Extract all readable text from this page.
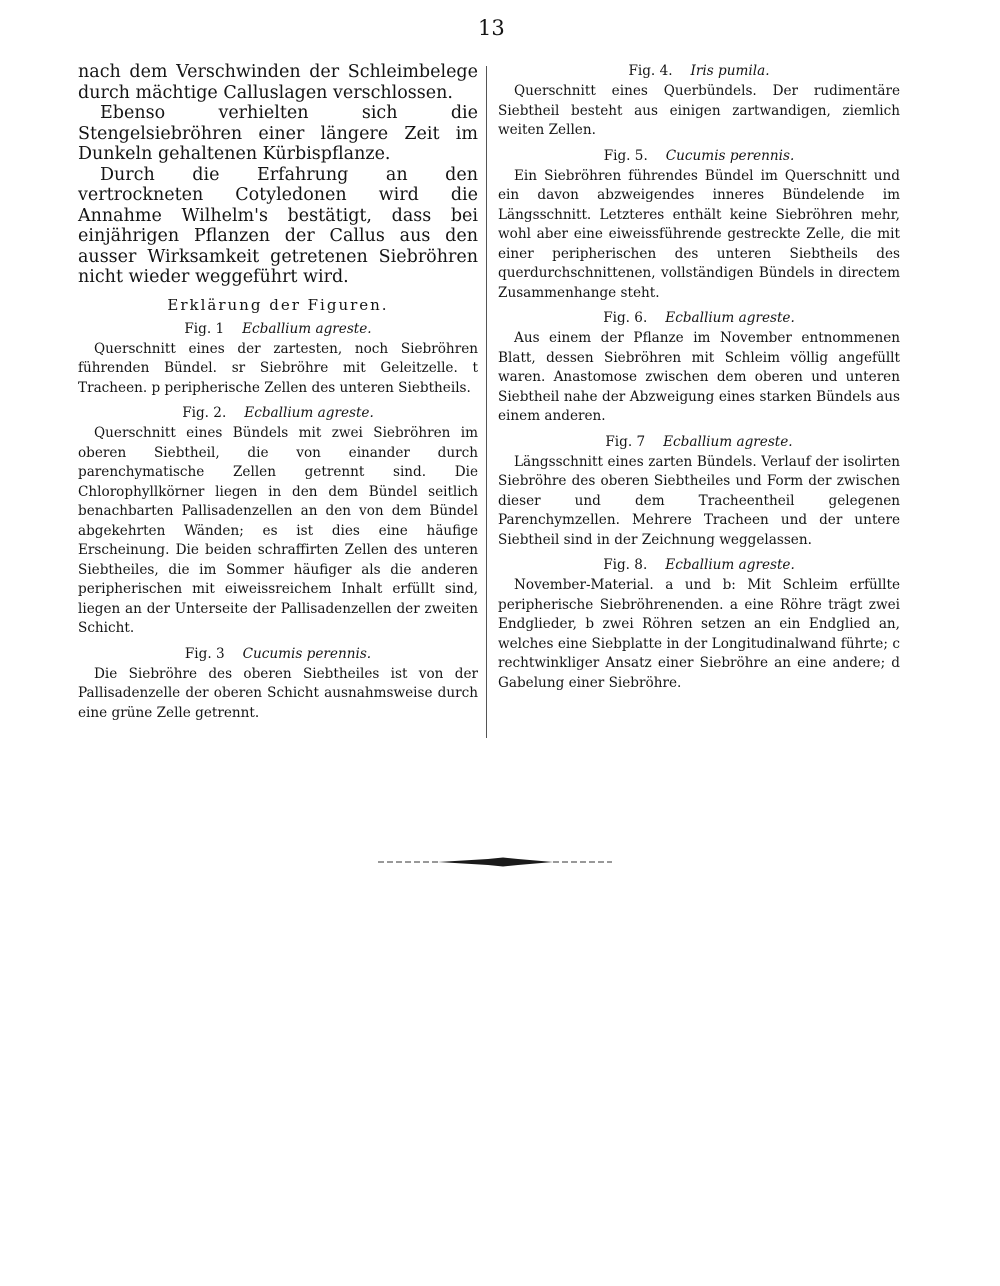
13

nach dem Verschwinden der Schleimbelege durch mächtige Calluslagen verschlossen.

Ebenso verhielten sich die Stengelsiebröhren einer längere Zeit im Dunkeln gehaltenen Kürbispflanze.

Durch die Erfahrung an den vertrockneten Cotyledonen wird die Annahme Wilhelm's bestätigt, dass bei einjährigen Pflanzen der Callus aus den ausser Wirksamkeit getretenen Siebröhren nicht wieder weggeführt wird.

Erklärung der Figuren.
Fig. 1 Ecballium agreste.

Querschnitt eines der zartesten, noch Siebröhren führenden Bündel. sr Siebröhre mit Geleitzelle. t Tracheen. p peripherische Zellen des unteren Siebtheils.

Fig. 2. Ecballium agreste.

Querschnitt eines Bündels mit zwei Siebröhren im oberen Siebtheil, die von einander durch parenchymatische Zellen getrennt sind. Die Chlorophyllkörner liegen in den dem Bündel seitlich benachbarten Pallisadenzellen an den von dem Bündel abgekehrten Wänden; es ist dies eine häufige Erscheinung. Die beiden schraffirten Zellen des unteren Siebtheiles, die im Sommer häufiger als die anderen peripherischen mit eiweissreichem Inhalt erfüllt sind, liegen an der Unterseite der Pallisadenzellen der zweiten Schicht.

Fig. 3 Cucumis perennis.

Die Siebröhre des oberen Siebtheiles ist von der Pallisadenzelle der oberen Schicht ausnahmsweise durch eine grüne Zelle getrennt.

Fig. 4. Iris pumila.

Querschnitt eines Querbündels. Der rudimentäre Siebtheil besteht aus einigen zartwandigen, ziemlich weiten Zellen.

Fig. 5. Cucumis perennis.

Ein Siebröhren führendes Bündel im Querschnitt und ein davon abzweigendes inneres Bündelende im Längsschnitt. Letzteres enthält keine Siebröhren mehr, wohl aber eine eiweissführende gestreckte Zelle, die mit einer peripherischen des unteren Siebtheils des querdurchschnittenen, vollständigen Bündels in directem Zusammenhange steht.

Fig. 6. Ecballium agreste.

Aus einem der Pflanze im November entnommenen Blatt, dessen Siebröhren mit Schleim völlig angefüllt waren. Anastomose zwischen dem oberen und unteren Siebtheil nahe der Abzweigung eines starken Bündels aus einem anderen.

Fig. 7 Ecballium agreste.

Längsschnitt eines zarten Bündels. Verlauf der isolirten Siebröhre des oberen Siebtheiles und Form der zwischen dieser und dem Tracheentheil gelegenen Parenchymzellen. Mehrere Tracheen und der untere Siebtheil sind in der Zeichnung weggelassen.

Fig. 8. Ecballium agreste.

November-Material. a und b: Mit Schleim erfüllte peripherische Siebröhrenenden. a eine Röhre trägt zwei Endglieder, b zwei Röhren setzen an ein Endglied an, welches eine Siebplatte in der Longitudinalwand führte; c rechtwinkliger Ansatz einer Siebröhre an eine andere; d Gabelung einer Siebröhre.
